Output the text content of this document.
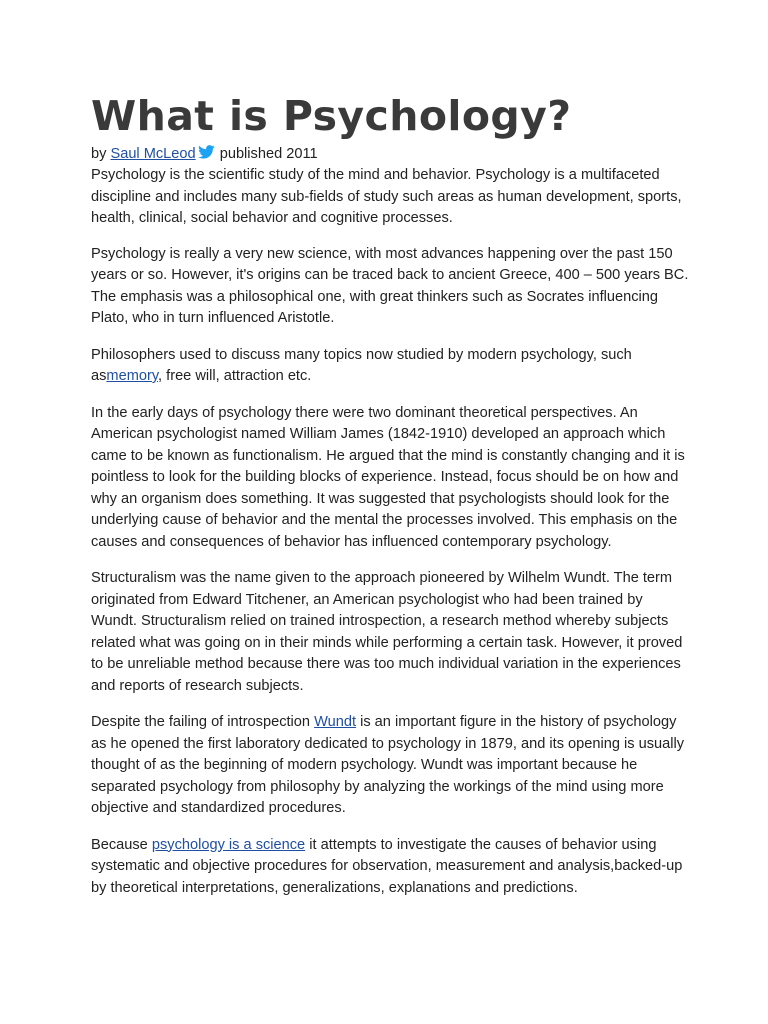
What is Psychology?
by Saul McLeod published 2011

Psychology is the scientific study of the mind and behavior. Psychology is a multifaceted discipline and includes many sub-fields of study such areas as human development, sports, health, clinical, social behavior and cognitive processes.

Psychology is really a very new science, with most advances happening over the past 150 years or so. However, it's origins can be traced back to ancient Greece, 400 – 500 years BC. The emphasis was a philosophical one, with great thinkers such as Socrates influencing Plato, who in turn influenced Aristotle.

Philosophers used to discuss many topics now studied by modern psychology, such asmemory, free will, attraction etc.

In the early days of psychology there were two dominant theoretical perspectives. An American psychologist named William James (1842-1910) developed an approach which came to be known as functionalism. He argued that the mind is constantly changing and it is pointless to look for the building blocks of experience. Instead, focus should be on how and why an organism does something. It was suggested that psychologists should look for the underlying cause of behavior and the mental the processes involved. This emphasis on the causes and consequences of behavior has influenced contemporary psychology.

Structuralism was the name given to the approach pioneered by Wilhelm Wundt. The term originated from Edward Titchener, an American psychologist who had been trained by Wundt. Structuralism relied on trained introspection, a research method whereby subjects related what was going on in their minds while performing a certain task. However, it proved to be unreliable method because there was too much individual variation in the experiences and reports of research subjects.

Despite the failing of introspection Wundt is an important figure in the history of psychology as he opened the first laboratory dedicated to psychology in 1879, and its opening is usually thought of as the beginning of modern psychology. Wundt was important because he separated psychology from philosophy by analyzing the workings of the mind using more objective and standardized procedures.

Because psychology is a science it attempts to investigate the causes of behavior using systematic and objective procedures for observation, measurement and analysis,backed-up by theoretical interpretations, generalizations, explanations and predictions.
